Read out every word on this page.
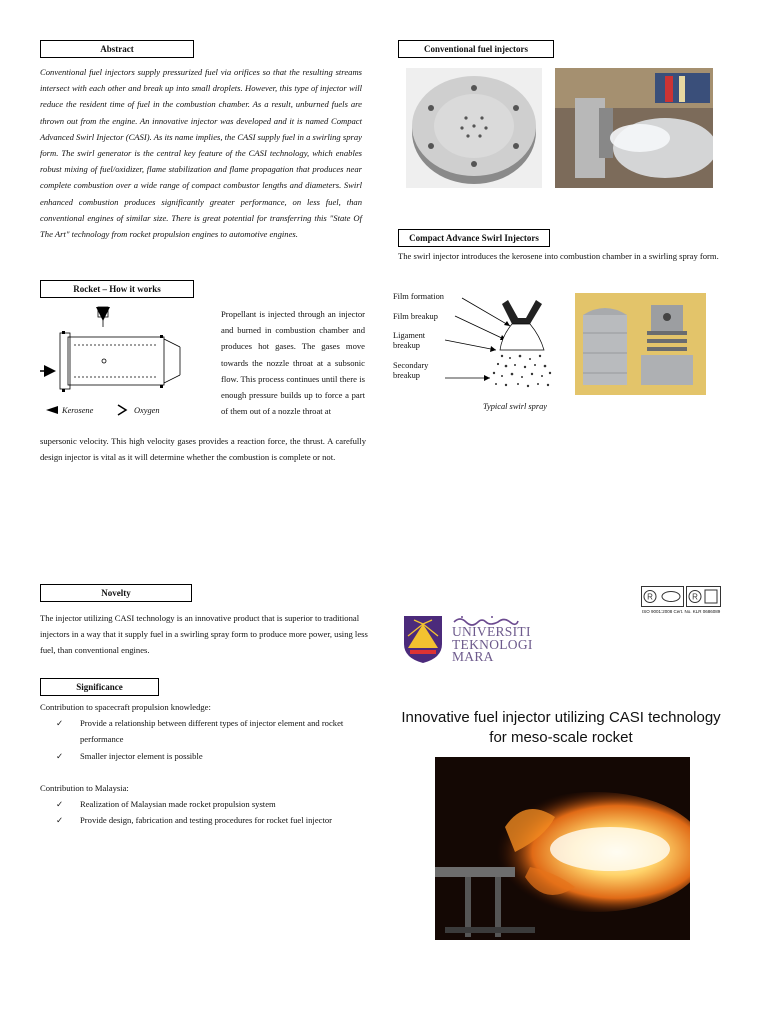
Abstract
Conventional fuel injectors supply pressurized fuel via orifices so that the resulting streams intersect with each other and break up into small droplets. However, this type of injector will reduce the resident time of fuel in the combustion chamber. As a result, unburned fuels are thrown out from the engine. An innovative injector was developed and it is named Compact Advanced Swirl Injector (CASI). As its name implies, the CASI supply fuel in a swirling spray form. The swirl generator is the central key feature of the CASI technology, which enables robust mixing of fuel/oxidizer, flame stabilization and flame propagation that produces near complete combustion over a wide range of compact combustor lengths and diameters. Swirl enhanced combustion produces significantly greater performance, on less fuel, than conventional engines of similar size. There is great potential for transferring this "State Of The Art" technology from rocket propulsion engines to automotive engines.
Conventional fuel injectors
Compact Advance Swirl Injectors
The swirl injector introduces the kerosene into combustion chamber in a swirling spray form.
Film formation
Film breakup
Ligament breakup
Secondary breakup
Typical swirl spray
Rocket – How it works
Kerosene	Oxygen
Propellant is injected through an injector and burned in combustion chamber and produces hot gases. The gases move towards the nozzle throat at a subsonic flow. This process continues until there is enough pressure builds up to force a part of them out of a nozzle throat at
supersonic velocity. This high velocity gases provides a reaction force, the thrust. A carefully design injector is vital as it will determine whether the combustion is complete or not.
Novelty
The injector utilizing CASI technology is an innovative product that is superior to traditional injectors in a way that it supply fuel in a swirling spray form to produce more power, using less fuel, than conventional engines.
Significance
Contribution to spacecraft propulsion knowledge:
✓ Provide a relationship between different types of injector element and rocket performance
✓ Smaller injector element is possible
Contribution to Malaysia:
✓ Realization of Malaysian made rocket propulsion system
✓ Provide design, fabrication and testing procedures for rocket fuel injector
R	R
ISO 9001:2008 Cert. No. KLR 0686089
UNIVERSITI
TEKNOLOGI
MARA
Innovative fuel injector utilizing CASI technology for meso-scale rocket
